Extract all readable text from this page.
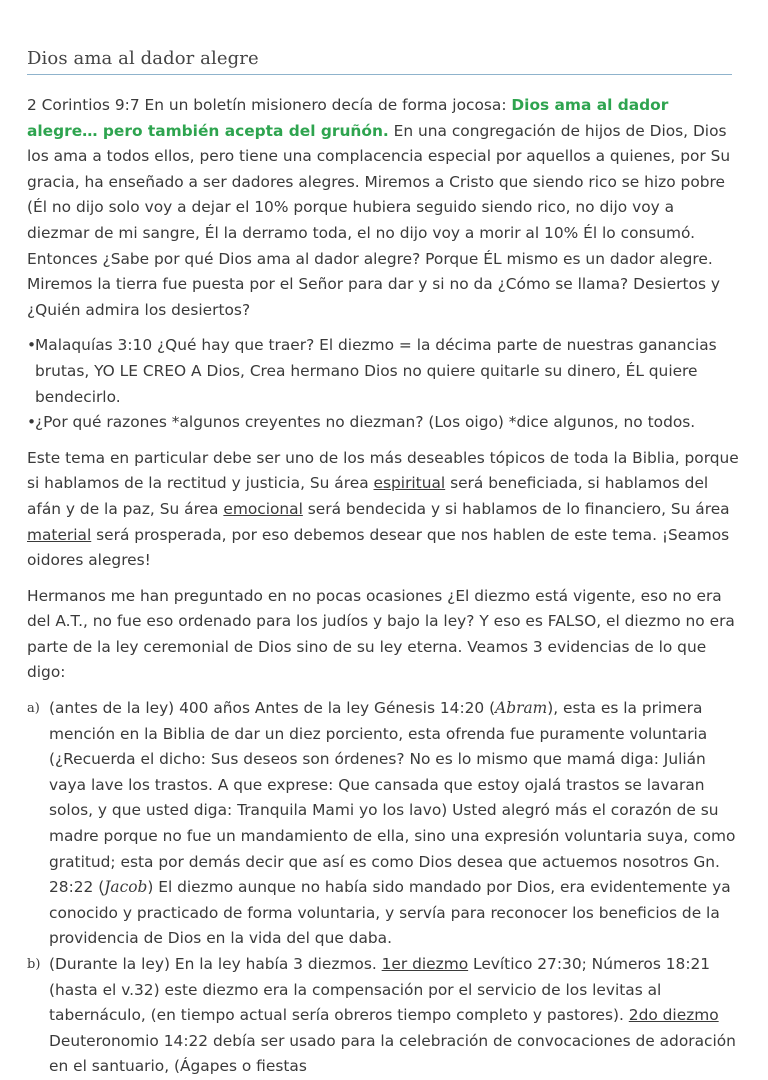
Dios ama al dador alegre

2 Corintios 9:7 En un boletín misionero decía de forma jocosa: Dios ama al dador alegre… pero también acepta del gruñón. En una congregación de hijos de Dios, Dios los ama a todos ellos, pero tiene una complacencia especial por aquellos a quienes, por Su gracia, ha enseñado a ser dadores alegres. Miremos a Cristo que siendo rico se hizo pobre (Él no dijo solo voy a dejar el 10% porque hubiera seguido siendo rico, no dijo voy a diezmar de mi sangre, Él la derramo toda, el no dijo voy a morir al 10% Él lo consumó. Entonces ¿Sabe por qué Dios ama al dador alegre? Porque ÉL mismo es un dador alegre. Miremos la tierra fue puesta por el Señor para dar y si no da ¿Cómo se llama? Desiertos y ¿Quién admira los desiertos?

•
Malaquías 3:10 ¿Qué hay que traer? El diezmo = la décima parte de nuestras ganancias brutas, YO LE CREO A Dios, Crea hermano Dios no quiere quitarle su dinero, ÉL quiere bendecirlo.
•
¿Por qué razones *algunos creyentes no diezman? (Los oigo) *dice algunos, no todos.

Este tema en particular debe ser uno de los más deseables tópicos de toda la Biblia, porque si hablamos de la rectitud y justicia, Su área espiritual será beneficiada, si hablamos del afán y de la paz, Su área emocional será bendecida y si hablamos de lo financiero, Su área material será prosperada, por eso debemos desear que nos hablen de este tema. ¡Seamos oidores alegres!

Hermanos me han preguntado en no pocas ocasiones ¿El diezmo está vigente, eso no era del A.T., no fue eso ordenado para los judíos y bajo la ley? Y eso es FALSO, el diezmo no era parte de la ley ceremonial de Dios sino de su ley eterna. Veamos 3 evidencias de lo que digo:

a) (antes de la ley) 400 años Antes de la ley Génesis 14:20 (Abram), esta es la primera mención en la Biblia de dar un diez porciento, esta ofrenda fue puramente voluntaria (¿Recuerda el dicho: Sus deseos son órdenes? No es lo mismo que mamá diga: Julián vaya lave los trastos. A que exprese: Que cansada que estoy ojalá trastos se lavaran solos, y que usted diga: Tranquila Mami yo los lavo) Usted alegró más el corazón de su madre porque no fue un mandamiento de ella, sino una expresión voluntaria suya, como gratitud; esta por demás decir que así es como Dios desea que actuemos nosotros Gn. 28:22 (Jacob) El diezmo aunque no había sido mandado por Dios, era evidentemente ya conocido y practicado de forma voluntaria, y servía para reconocer los beneficios de la providencia de Dios en la vida del que daba.
b) (Durante la ley) En la ley había 3 diezmos. 1er diezmo Levítico 27:30; Números 18:21 (hasta el v.32) este diezmo era la compensación por el servicio de los levitas al tabernáculo, (en tiempo actual sería obreros tiempo completo y pastores). 2do diezmo Deuteronomio 14:22 debía ser usado para la celebración de convocaciones de adoración en el santuario, (Ágapes o fiestas
